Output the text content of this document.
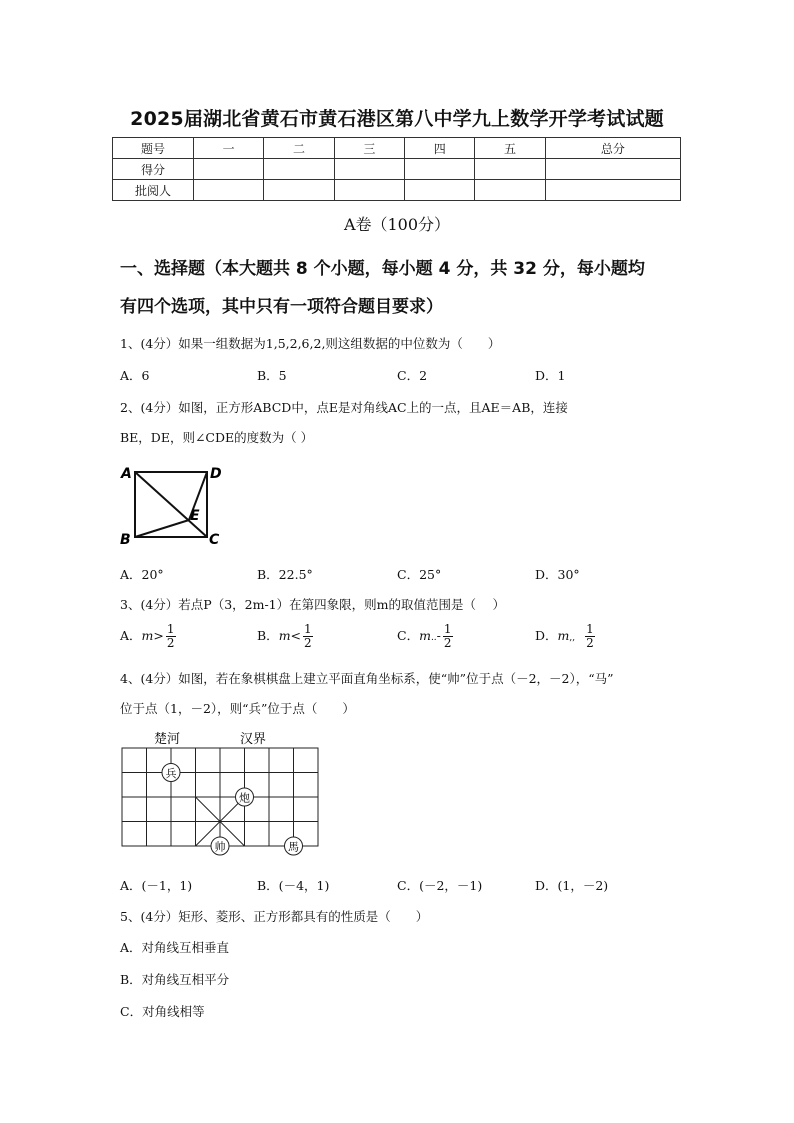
2025届湖北省黄石市黄石港区第八中学九上数学开学考试试题
题号	一	二	三	四	五	总分
得分						
批阅人						
A卷（100分）
一、选择题（本大题共 8 个小题，每小题 4 分，共 32 分，每小题均
有四个选项，其中只有一项符合题目要求）
1、(4分）如果一组数据为1,5,2,6,2,则这组数据的中位数为（　　）
A．6	B．5	C．2	D．1
2、(4分）如图，正方形ABCD中，点E是对角线AC上的一点，且AE＝AB，连接
BE，DE，则∠CDE的度数为（ ）
A	D
B	C
E
A．20°	B．22.5°	C．25°	D．30°
3、(4分）若点P（3，2m-1）在第四象限，则m的取值范围是（　 ）
A．$m> \frac{1}{2}$	B．$m< \frac{1}{2}$	C．$m..- \frac{1}{2}$	D．m,, $\frac{1}{2}$
4、(4分）如图，若在象棋棋盘上建立平面直角坐标系，使“帅”位于点（－2，－2），“马”
位于点（1，－2），则“兵”位于点（　　）
楚河	汉界
兵
炮
帅	馬
A．(－1，1)	B．(－4，1)	C．(－2，－1)	D．(1，－2)
5、(4分）矩形、菱形、正方形都具有的性质是（　　）
A．对角线互相垂直
B．对角线互相平分
C．对角线相等
